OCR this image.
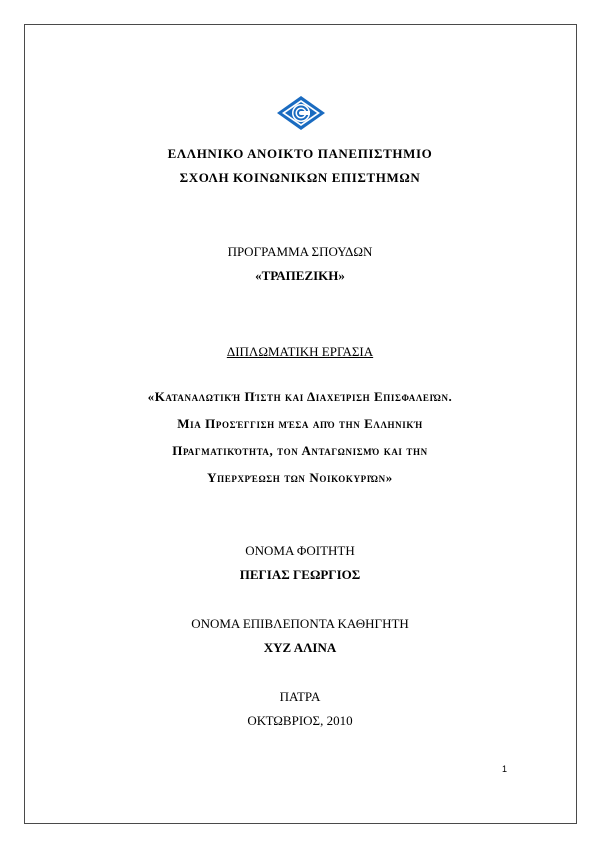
ΕΛΛΗΝΙΚΟ ΑΝΟΙΚΤΟ ΠΑΝΕΠΙΣΤΗΜΙΟ
ΣΧΟΛΗ ΚΟΙΝΩΝΙΚΩΝ ΕΠΙΣΤΗΜΩΝ
ΠΡΟΓΡΑΜΜΑ ΣΠΟΥΔΩΝ
«ΤΡΑΠΕΖΙΚΗ»
ΔΙΠΛΩΜΑΤΙΚΗ ΕΡΓΑΣΙΑ
«Καταναλωτική Πίστη και Διαχείριση Επισφαλειών.
Μια Προσέγγιση μέσα από την Ελληνική
Πραγματικότητα, τον Ανταγωνισμό και την
Υπερχρέωση των Νοικοκυριών»
ΟΝΟΜΑ ΦΟΙΤΗΤΗ
ΠΕΓΙΑΣ ΓΕΩΡΓΙΟΣ
ΟΝΟΜΑ ΕΠΙΒΛΕΠΟΝΤΑ ΚΑΘΗΓΗΤΗ
ΧΥΖ ΑΛΙΝΑ
ΠΑΤΡΑ
ΟΚΤΩΒΡΙΟΣ, 2010
1
